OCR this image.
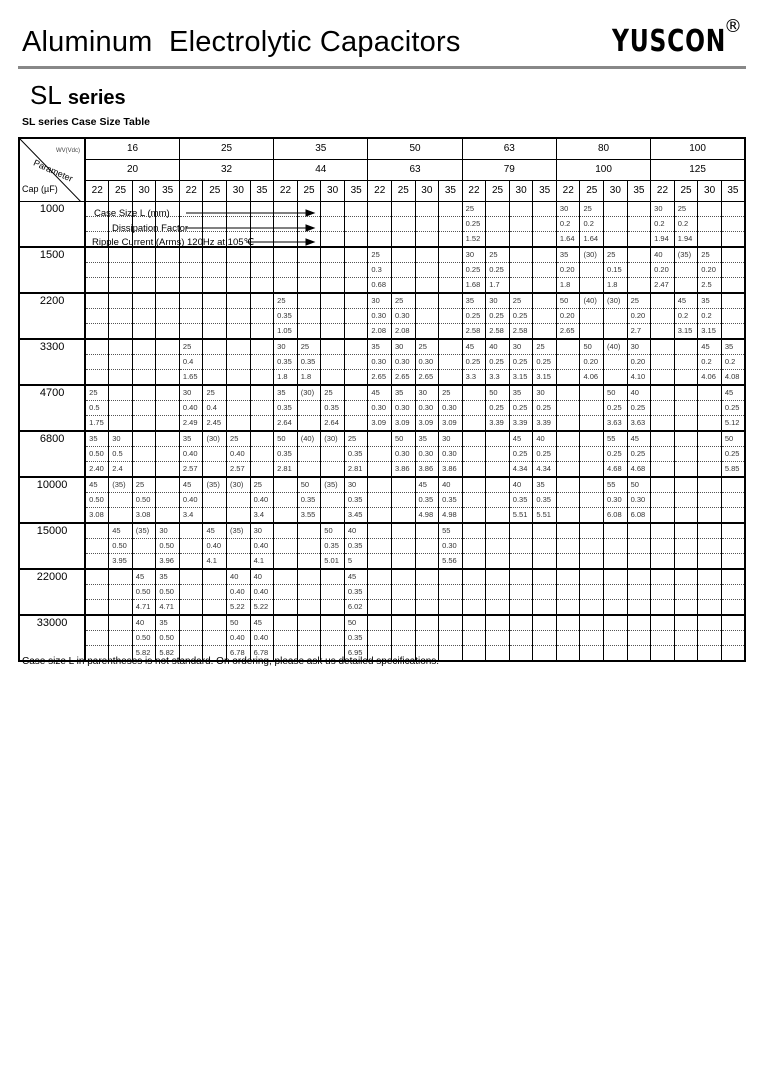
Aluminum  Electrolytic Capacitors	YUSCON
®
SL series
SL series Case Size Table
WV(Vdc)
Parameter
Cap (µF)	16				25				35				50				63				80				100			
	20				32				44				63				79				100				125			
	22	25	30	35	22	25	30	35	22	25	30	35	22	25	30	35	22	25	30	35	22	25	30	35	22	25	30	35
1000																	25				30	25			30	25		
																	0.25				0.2	0.2			0.2	0.2		
																	1.52				1.64	1.64			1.94	1.94		
1500													25				30	25			35	(30)	25		40	(35)	25	
													0.3				0.25	0.25			0.20		0.15		0.20		0.20	
													0.68				1.68	1.7			1.8		1.8		2.47		2.5	
2200									25				30	25			35	30	25		50	(40)	(30)	25		45	35	
									0.35				0.30	0.30			0.25	0.25	0.25		0.20			0.20		0.2	0.2	
									1.05				2.08	2.08			2.58	2.58	2.58		2.65			2.7		3.15	3.15	
3300					25				30	25			35	30	25		45	40	30	25		50	(40)	30			45	35
					0.4				0.35	0.35			0.30	0.30	0.30		0.25	0.25	0.25	0.25		0.20		0.20			0.2	0.2
					1.65				1.8	1.8			2.65	2.65	2.65		3.3	3.3	3.15	3.15		4.06		4.10			4.06	4.08
4700	25				30	25			35	(30)	25		45	35	30	25		50	35	30			50	40				45
	0.5				0.40	0.4			0.35		0.35		0.30	0.30	0.30	0.30		0.25	0.25	0.25			0.25	0.25				0.25
	1.75				2.49	2.45			2.64		2.64		3.09	3.09	3.09	3.09		3.39	3.39	3.39			3.63	3.63				5.12
6800	35	30			35	(30)	25		50	(40)	(30)	25		50	35	30			45	40			55	45				50
	0.50	0.5			0.40		0.40		0.35			0.35		0.30	0.30	0.30			0.25	0.25			0.25	0.25				0.25
	2.40	2.4			2.57		2.57		2.81			2.81		3.86	3.86	3.86			4.34	4.34			4.68	4.68				5.85
10000	45	(35)	25		45	(35)	(30)	25		50	(35)	30			45	40			40	35			55	50				
	0.50		0.50		0.40			0.40		0.35		0.35			0.35	0.35			0.35	0.35			0.30	0.30				
	3.08		3.08		3.4			3.4		3.55		3.45			4.98	4.98			5.51	5.51			6.08	6.08				
15000		45	(35)	30		45	(35)	30			50	40				55												
		0.50		0.50		0.40		0.40			0.35	0.35				0.30												
		3.95		3.96		4.1		4.1			5.01	5				5.56												
22000			45	35			40	40				45																
			0.50	0.50			0.40	0.40				0.35																
			4.71	4.71			5.22	5.22				6.02																
33000			40	35			50	45				50																
			0.50	0.50			0.40	0.40				0.35																
			5.82	5.82			6.78	6.78				6.95																
Case Size L (mm)
Dissipation Factor
Ripple Current (Arms) 120Hz at 105℃
Case size L in parentheses is not standard. On ordering, please ask us detailed specifications.
